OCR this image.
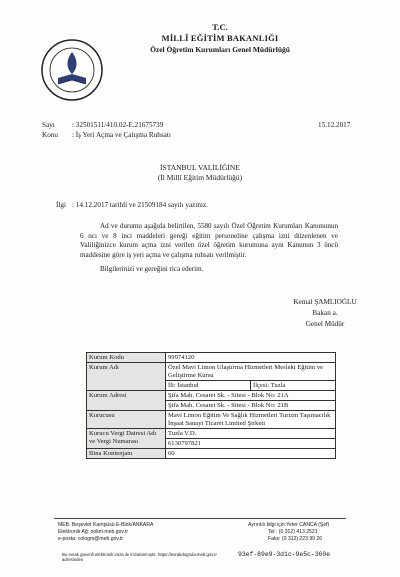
T.C.
MİLLÎ EĞİTİM BAKANLIĞI
Özel Öğretim Kurumları Genel Müdürlüğü
Sayı : 32501511/410.02-E.21675739	15.12.2017
Konu : İş Yeri Açma ve Çalışma Ruhsatı
İSTANBUL VALİLİĞİNE
(İl Millî Eğitim Müdürlüğü)
İlgi : 14.12.2017 tarihli ve 21509184 sayılı yazınız.
Ad ve durumu aşağıda belirtilen, 5580 sayılı Özel Öğretim Kurumları Kanununun 6 ncı ve 8 inci maddeleri gereği eğitim personeline çalışma izni düzenlenen ve Valiliğinizce kurum açma izni verilen özel öğretim kurumuna aynı Kanunun 3 üncü maddesine göre iş yeri açma ve çalışma ruhsatı verilmiştir.
Bilgilerinizi ve gereğini rica ederim.
Kemal ŞAMLIOĞLU
Bakan a.
Genel Müdür
Kurum Kodu	99974120
Kurum Adı	Özel Mavi Limon Ulaştırma Hizmetleri Mesleki Eğitim ve Geliştirme Kursu
İli: İstanbul İlçesi: Tuzla

Kurum Adresi	Şifa Mah. Cesaret Sk. - Sitesi - Blok No: 21A
Şifa Mah. Cesaret Sk. - Sitesi - Blok No: 21B

Kurucusu	Mavi Limon Eğitim Ve Sağlık Hizmetleri Turizm Taşımacılık İnşaat Sanayi Ticaret Limited Şirketi
Kurucu Vergi Dairesi Adı ve Vergi Numarası	Tuzla V.D.
6130797821

Bina Kontenjanı	60
MEB. Beşevler Kampüsü E-Blok/ANKARA
Elektronik Ağ: ookm.meb.gov.tr
e-posta: cologm@meb.gov.tr
Ayrıntılı bilgi için:Yeter CANCA (Şef)
Tel : (0 312) 413 2521
Faks: (0 312) 223 99 26
Bu evrak güvenli elektronik imza ile imzalanmıştır. https://evrakdogrula.meb.gov.tr adresinden
93ef-89e9-3d1c-9e5c-360e
